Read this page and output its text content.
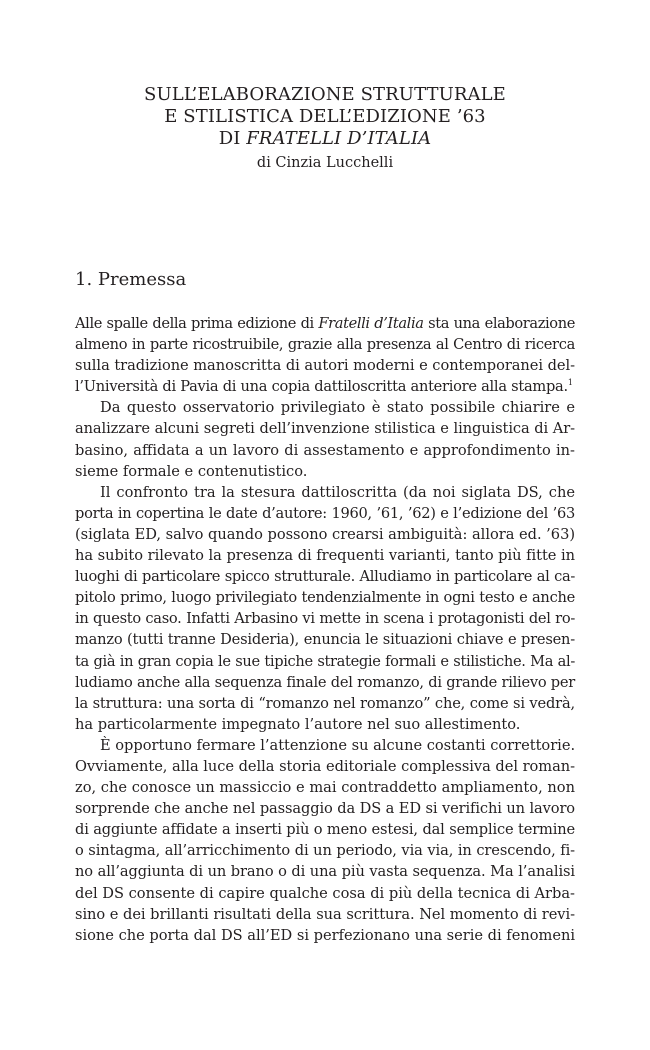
SULL’ELABORAZIONE STRUTTURALE
E STILISTICA DELL’EDIZIONE ’63
DI FRATELLI D’ITALIA
di Cinzia Lucchelli
1. Premessa
Alle spalle della prima edizione di Fratelli d’Italia sta una elaborazione
almeno in parte ricostruibile, grazie alla presenza al Centro di ricerca
sulla tradizione manoscritta di autori moderni e contemporanei del-
l’Università di Pavia di una copia dattiloscritta anteriore alla stampa.$^1$
Da questo osservatorio privilegiato è stato possibile chiarire e
analizzare alcuni segreti dell’invenzione stilistica e linguistica di Ar-
basino, affidata a un lavoro di assestamento e approfondimento in-
sieme formale e contenutistico.
Il confronto tra la stesura dattiloscritta (da noi siglata DS, che
porta in copertina le date d’autore: 1960, ’61, ’62) e l’edizione del ’63
(siglata ED, salvo quando possono crearsi ambiguità: allora ed. ’63)
ha subito rilevato la presenza di frequenti varianti, tanto più fitte in
luoghi di particolare spicco strutturale. Alludiamo in particolare al ca-
pitolo primo, luogo privilegiato tendenzialmente in ogni testo e anche
in questo caso. Infatti Arbasino vi mette in scena i protagonisti del ro-
manzo (tutti tranne Desideria), enuncia le situazioni chiave e presen-
ta già in gran copia le sue tipiche strategie formali e stilistiche. Ma al-
ludiamo anche alla sequenza finale del romanzo, di grande rilievo per
la struttura: una sorta di “romanzo nel romanzo” che, come si vedrà,
ha particolarmente impegnato l’autore nel suo allestimento.
È opportuno fermare l’attenzione su alcune costanti correttorie.
Ovviamente, alla luce della storia editoriale complessiva del roman-
zo, che conosce un massiccio e mai contraddetto ampliamento, non
sorprende che anche nel passaggio da DS a ED si verifichi un lavoro
di aggiunte affidate a inserti più o meno estesi, dal semplice termine
o sintagma, all’arricchimento di un periodo, via via, in crescendo, fi-
no all’aggiunta di un brano o di una più vasta sequenza. Ma l’analisi
del DS consente di capire qualche cosa di più della tecnica di Arba-
sino e dei brillanti risultati della sua scrittura. Nel momento di revi-
sione che porta dal DS all’ED si perfezionano una serie di fenomeni
